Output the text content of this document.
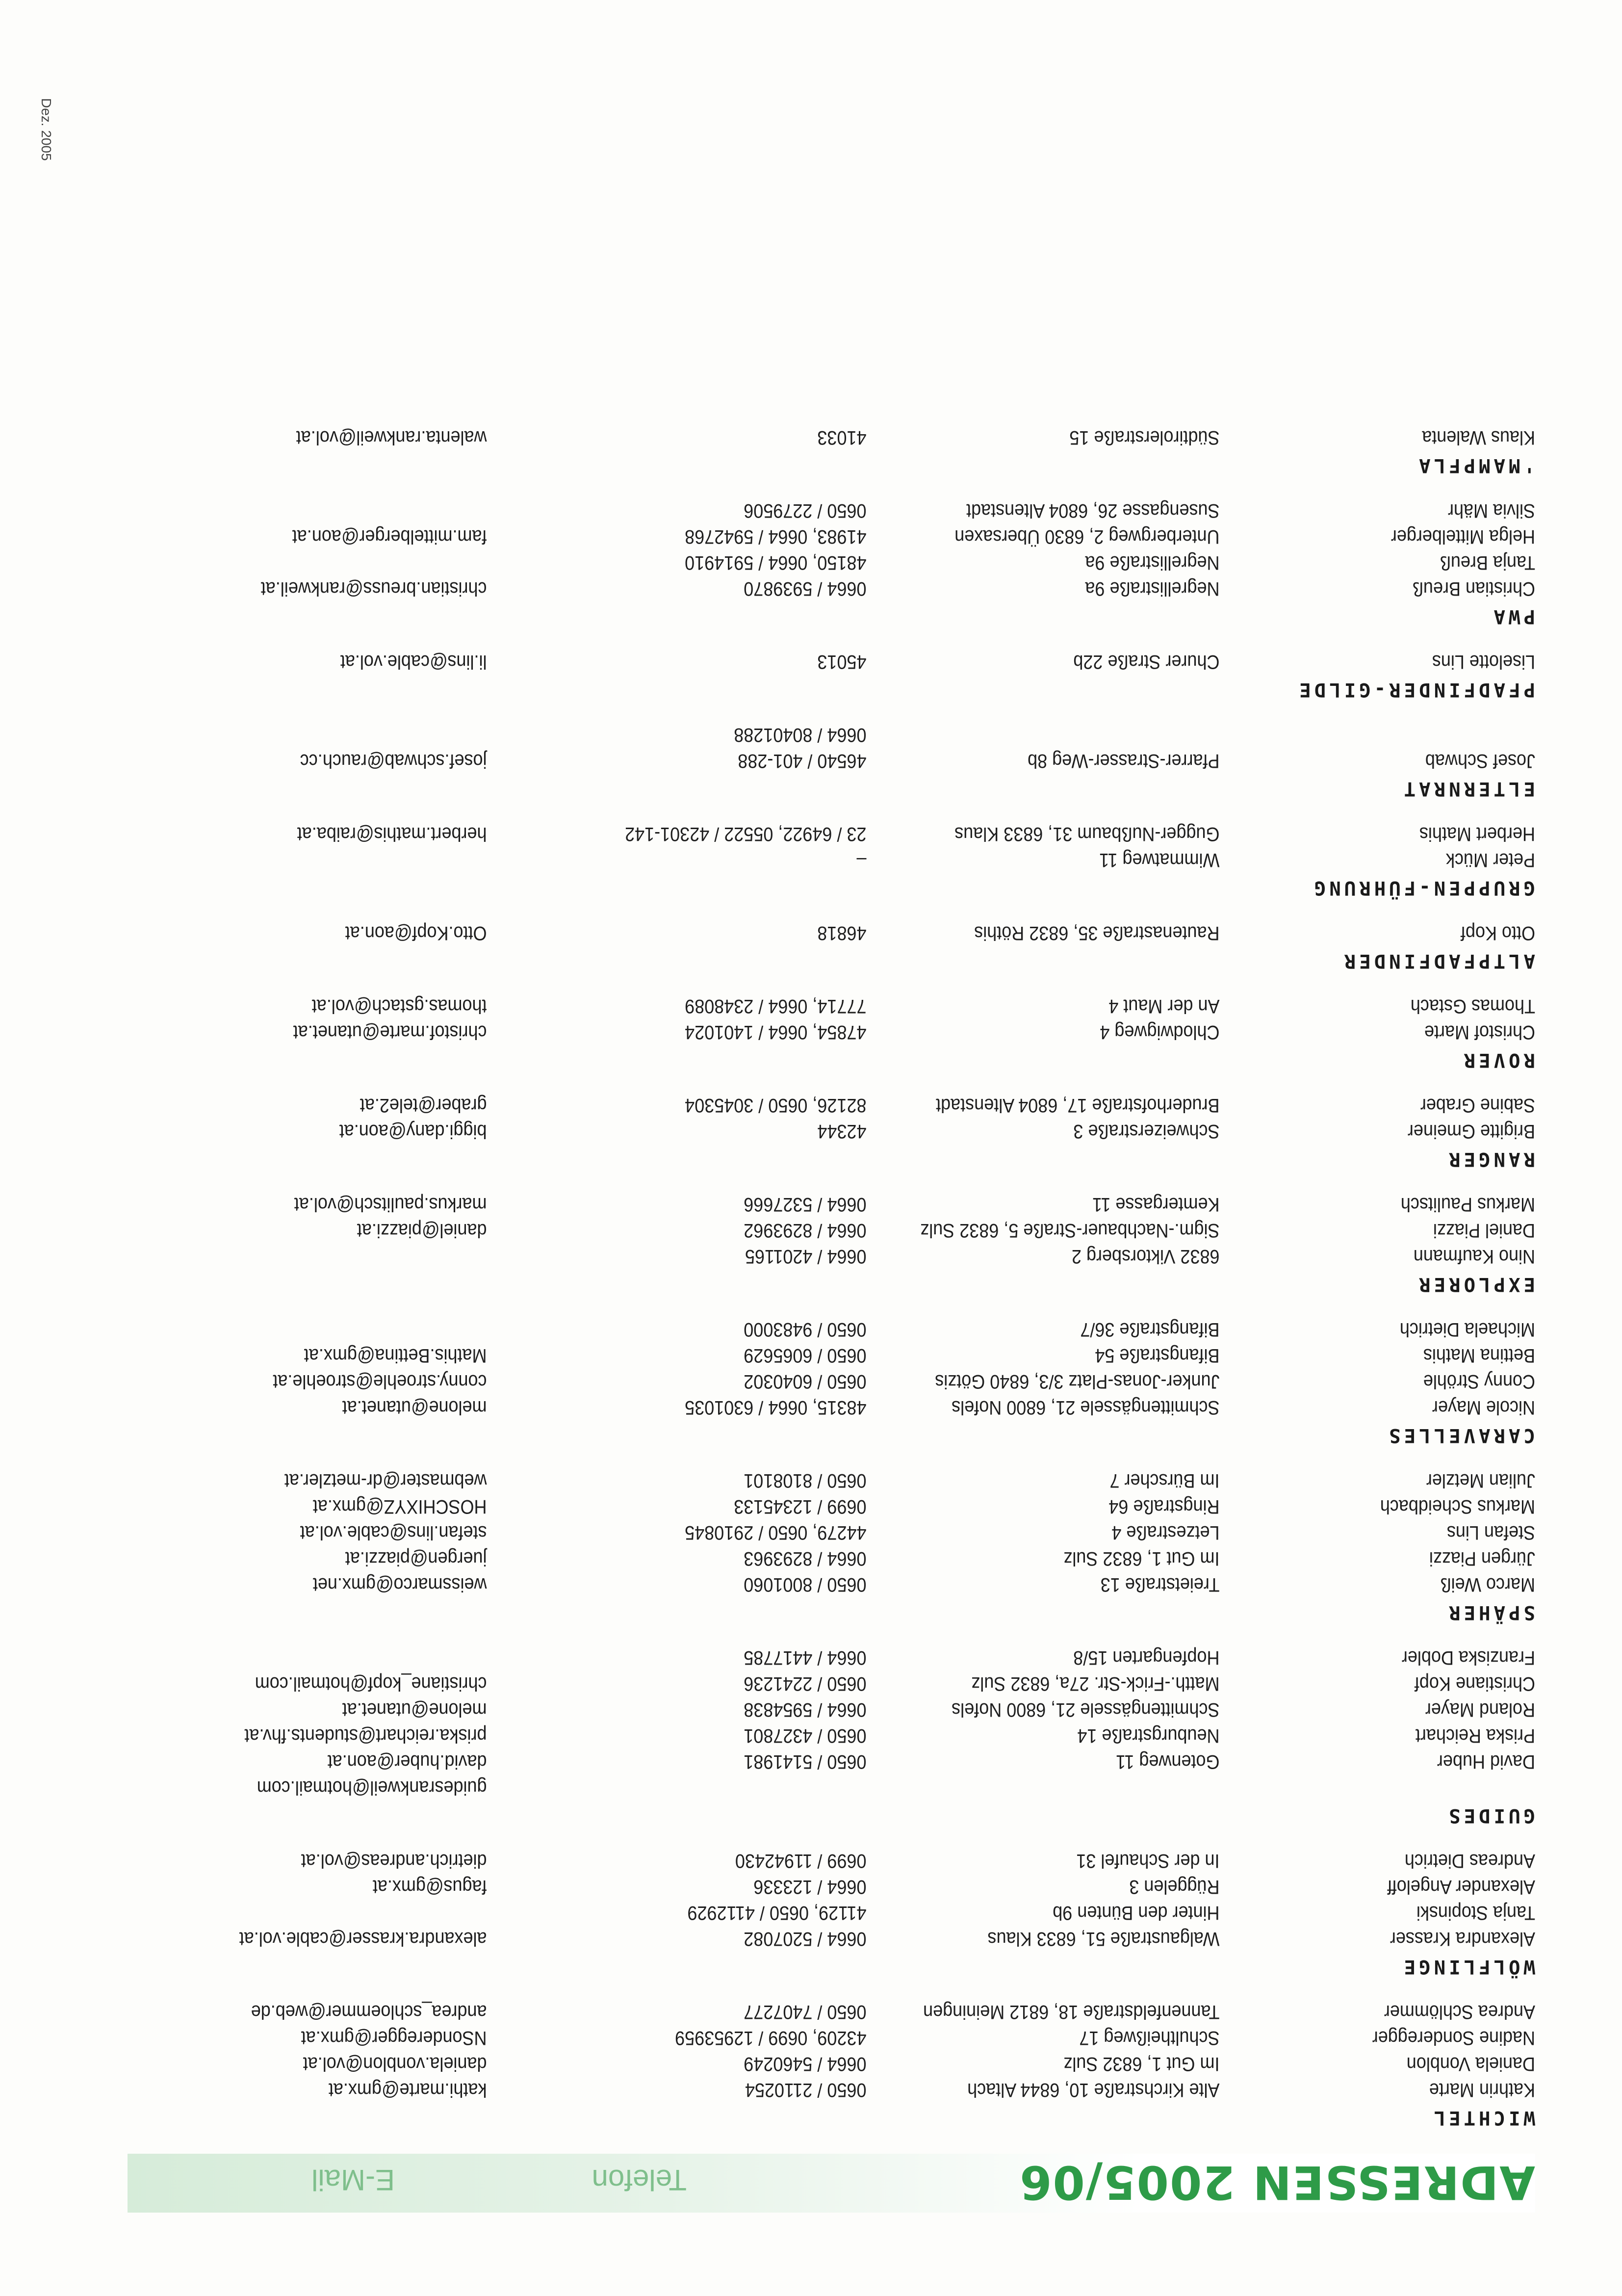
Dez. 2005
ADRESSEN 2005/06
Telefon
E-Mail
WICHTEL
Kathrin Marte
Alte Kirchstraße 10, 6844 Altach
0650 / 2110254
kathi.marte@gmx.at
Daniela Vonblon
Im Gut 1, 6832 Sulz
0664 / 5460249
daniela.vonblon@vol.at
Nadine Sonderegger
Schultheißweg 17
43209, 0699 / 12953959
NSonderegger@gmx.at
Andrea Schlömmer
Tannenfeldstraße 18, 6812 Meiningen
0650 / 7407277
andrea_schloemmer@web.de
WÖLFLINGE
Alexandra Krasser
Walgaustraße 51, 6833 Klaus
0664 / 5207082
alexandra.krasser@cable.vol.at
Tanja Stopinski
Hinter den Bünten 9b
41129, 0650 / 4112929
Alexander Angeloff
Rüggelen 3
0664 / 123336
fagus@gmx.at
Andreas Dietrich
In der Schaufel 31
0699 / 11942430
dietrich.andreas@vol.at
GUIDES
guidesrankweil@hotmail.com
David Huber
Gotenweg 11
0650 / 5141981
david.huber@aon.at
Priska Reichart
Neuburgstraße 14
0650 / 4327801
priska.reichart@students.fhv.at
Roland Mayer
Schmittengässele 21, 6800 Nofels
0664 / 5954838
melone@utanet.at
Christiane Kopf
Matth.-Frick-Str. 27a, 6832 Sulz
0650 / 2241236
christiane_kopf@hotmail.com
Franziska Dobler
Hopfengarten 15/8
0664 / 4417785
SPÄHER
Marco Weiß
Treietstraße 13
0650 / 8001060
weissmarco@gmx.net
Jürgen Piazzi
Im Gut 1, 6832 Sulz
0664 / 8293963
juergen@piazzi.at
Stefan Lins
Letzestraße 4
44279, 0650 / 2910845
stefan.lins@cable.vol.at
Markus Scheidbach
Ringstraße 64
0699 / 12345133
HOSCHIXYZ@gmx.at
Julian Metzler
Im Bürscher 7
0650 / 8108101
webmaster@dr-metzler.at
CARAVELLES
Nicole Mayer
Schmittengässele 21, 6800 Nofels
48315, 0664 / 6301035
melone@utanet.at
Conny Ströhle
Junker-Jonas-Platz 3/3, 6840 Götzis
0650 / 6040302
conny.stroehle@stroehle.at
Bettina Mathis
Bifangstraße 54
0650 / 6065629
Mathis.Bettina@gmx.at
Michaela Dietrich
Bifangstraße 36/7
0650 / 9483000
EXPLORER
Nino Kaufmann
6832 Viktorsberg 2
0664 / 4201165
Daniel Piazzi
Sigm.-Nachbauer-Straße 5, 6832 Sulz
0664 / 8293962
daniel@piazzi.at
Markus Paulitsch
Kemtergasse 11
0664 / 5327666
markus.paulitsch@vol.at
RANGER
Brigitte Gmeiner
Schweizerstraße 3
42344
biggi.dany@aon.at
Sabine Graber
Bruderhofstraße 17, 6804 Altenstadt
82126, 0650 / 3045304
graber@tele2.at
ROVER
Christof Marte
Chlodwigweg 4
47854, 0664 / 1401024
christof.marte@utanet.at
Thomas Gstach
An der Maut 4
77714, 0664 / 2348089
thomas.gstach@vol.at
ALTPFADFINDER
Otto Kopf
Rautenastraße 35, 6832 Röthis
46818
Otto.Kopf@aon.at
GRUPPEN-FÜHRUNG
Peter Mück
Wimmatweg 11
–
Herbert Mathis
Gugger-Nußbaum 31, 6833 Klaus
23 / 64922, 05522 / 42301-142
herbert.mathis@raiba.at
ELTERNRAT
Josef Schwab
Pfarrer-Strasser-Weg 8b
46540 / 401-288
josef.schwab@rauch.cc
0664 / 80401288
PFADFINDER-GILDE
Liselotte Lins
Churer Straße 22b
45013
li.lins@cable.vol.at
PWA
Christian Breuß
Negrellistraße 9a
0664 / 5939870
christian.breuss@rankweil.at
Tanja Breuß
Negrellistraße 9a
48150, 0664 / 5914910
Helga Mittelberger
Unterbergweg 2, 6830 Übersaxen
41983, 0664 / 5942768
fam.mittelberger@aon.at
Silvia Mähr
Susengasse 26, 6804 Altenstadt
0650 / 2279506
'MAMPFLA
Klaus Walenta
Südtirolerstraße 15
41033
walenta.rankweil@vol.at
